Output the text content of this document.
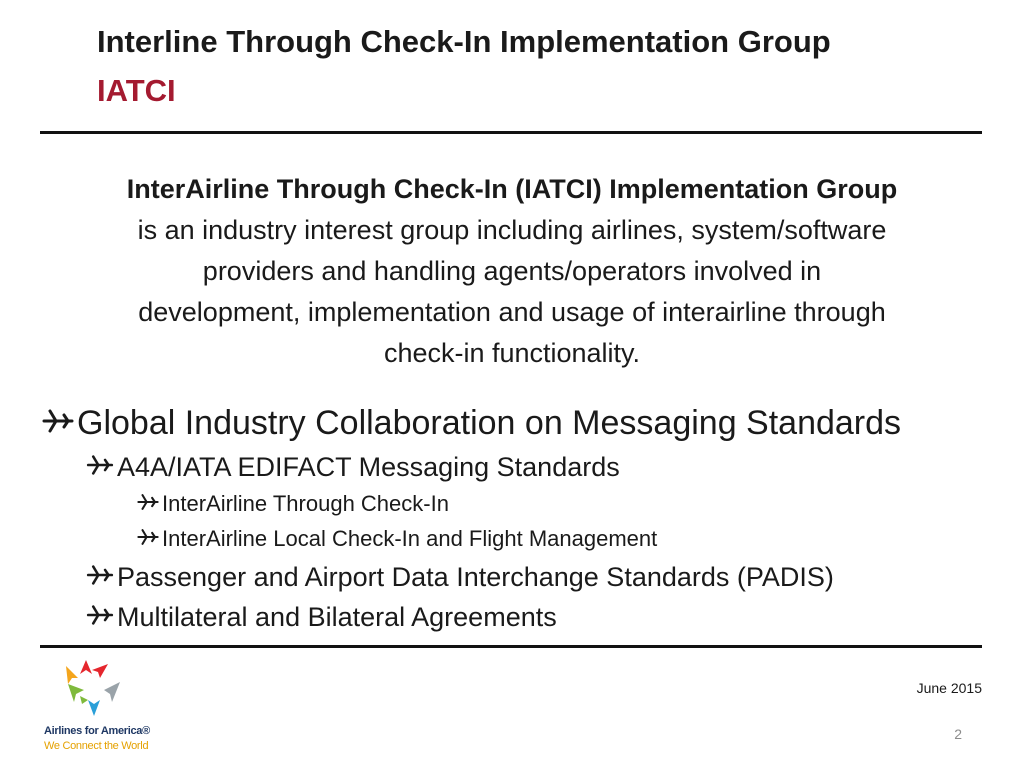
Interline Through Check-In Implementation Group
IATCI
InterAirline Through Check-In (IATCI) Implementation Group
is an industry interest group including airlines, system/software
providers and handling agents/operators involved in
development, implementation and usage of interairline through
check-in functionality.
Global Industry Collaboration on Messaging Standards
A4A/IATA EDIFACT Messaging Standards
InterAirline Through Check-In
InterAirline Local Check-In and Flight Management
Passenger and Airport Data Interchange Standards (PADIS)
Multilateral and Bilateral Agreements
Airlines for America®
We Connect the World
June 2015
2
